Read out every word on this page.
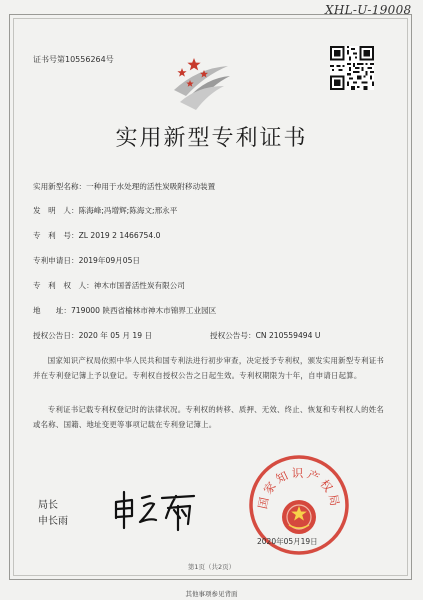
XHL-U-19008
证书号第10556264号
实用新型专利证书
实用新型名称：一种用于水处理的活性炭吸附移动装置
发　明　人：陈海峰;冯增辉;陈海文;邢永平
专　利　号：ZL 2019 2 1466754.0
专利申请日：2019年09月05日
专　利　权　人：神木市国普活性炭有限公司
地　　址：719000 陕西省榆林市神木市锦界工业园区
授权公告日：2020 年 05 月 19 日	授权公告号：CN 210559494 U
国家知识产权局依照中华人民共和国专利法进行初步审查，决定授予专利权，颁发实用新型专利证书并在专利登记簿上予以登记。专利权自授权公告之日起生效。专利权期限为十年，自申请日起算。
专利证书记载专利权登记时的法律状况。专利权的转移、质押、无效、终止、恢复和专利权人的姓名或名称、国籍、地址变更等事项记载在专利登记簿上。
局长
申长雨
国家知识产权局
2020年05月19日
第1页（共2页）
其他事项参见背面
